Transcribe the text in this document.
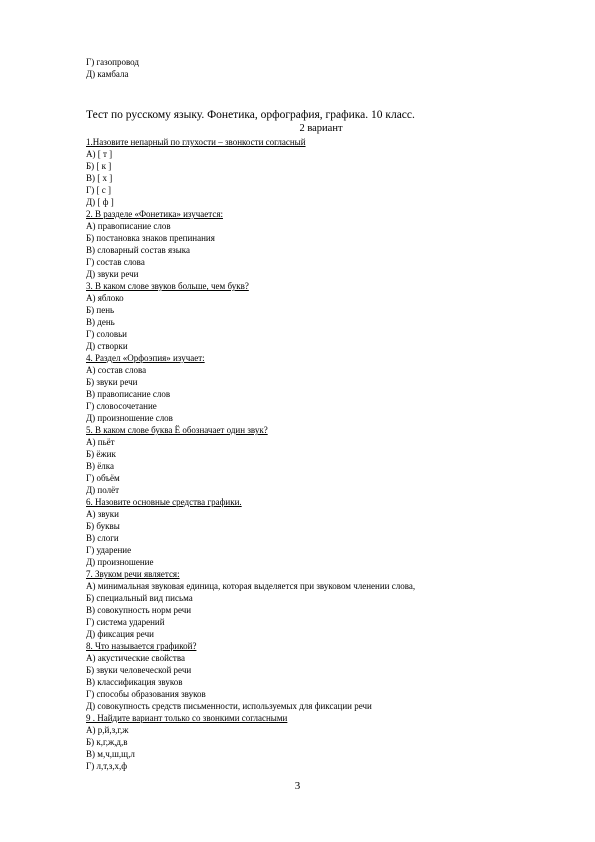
Г) газопровод
Д) камбала
Тест по русскому языку. Фонетика, орфография, графика. 10 класс.
2 вариант
1.Назовите непарный по глухости – звонкости согласный
А) [ т ]
Б) [ к ]
В) [ х ]
Г) [ с ]
Д) [ ф ]
2. В разделе «Фонетика» изучается:
А) правописание слов
Б) постановка знаков препинания
В) словарный состав языка
Г) состав слова
Д) звуки речи
3. В каком слове звуков больше, чем букв?
А) яблоко
Б) пень
В) день
Г) соловьи
Д) створки
4. Раздел «Орфоэпия» изучает:
А) состав слова
Б) звуки речи
В) правописание слов
Г) словосочетание
Д) произношение слов
5. В каком слове буква Ё обозначает один звук?
А) пьёт
Б) ёжик
В) ёлка
Г) объём
Д) полёт
6. Назовите основные средства графики.
А) звуки
Б) буквы
В) слоги
Г) ударение
Д) произношение
7. Звуком речи является:
А) минимальная звуковая единица, которая выделяется при звуковом членении слова,
Б) специальный вид письма
В) совокупность норм речи
Г) система ударений
Д) фиксация речи
8. Что называется графикой?
А) акустические свойства
Б) звуки человеческой речи
В) классификация звуков
Г) способы образования звуков
Д) совокупность средств письменности, используемых для фиксации речи
9 . Найдите вариант только со звонкими согласными
А) р,й,з,г,ж
Б) к,г,ж,д,в
В) м,ч,ш,щ,л
Г) л,т,з,х,ф
3
